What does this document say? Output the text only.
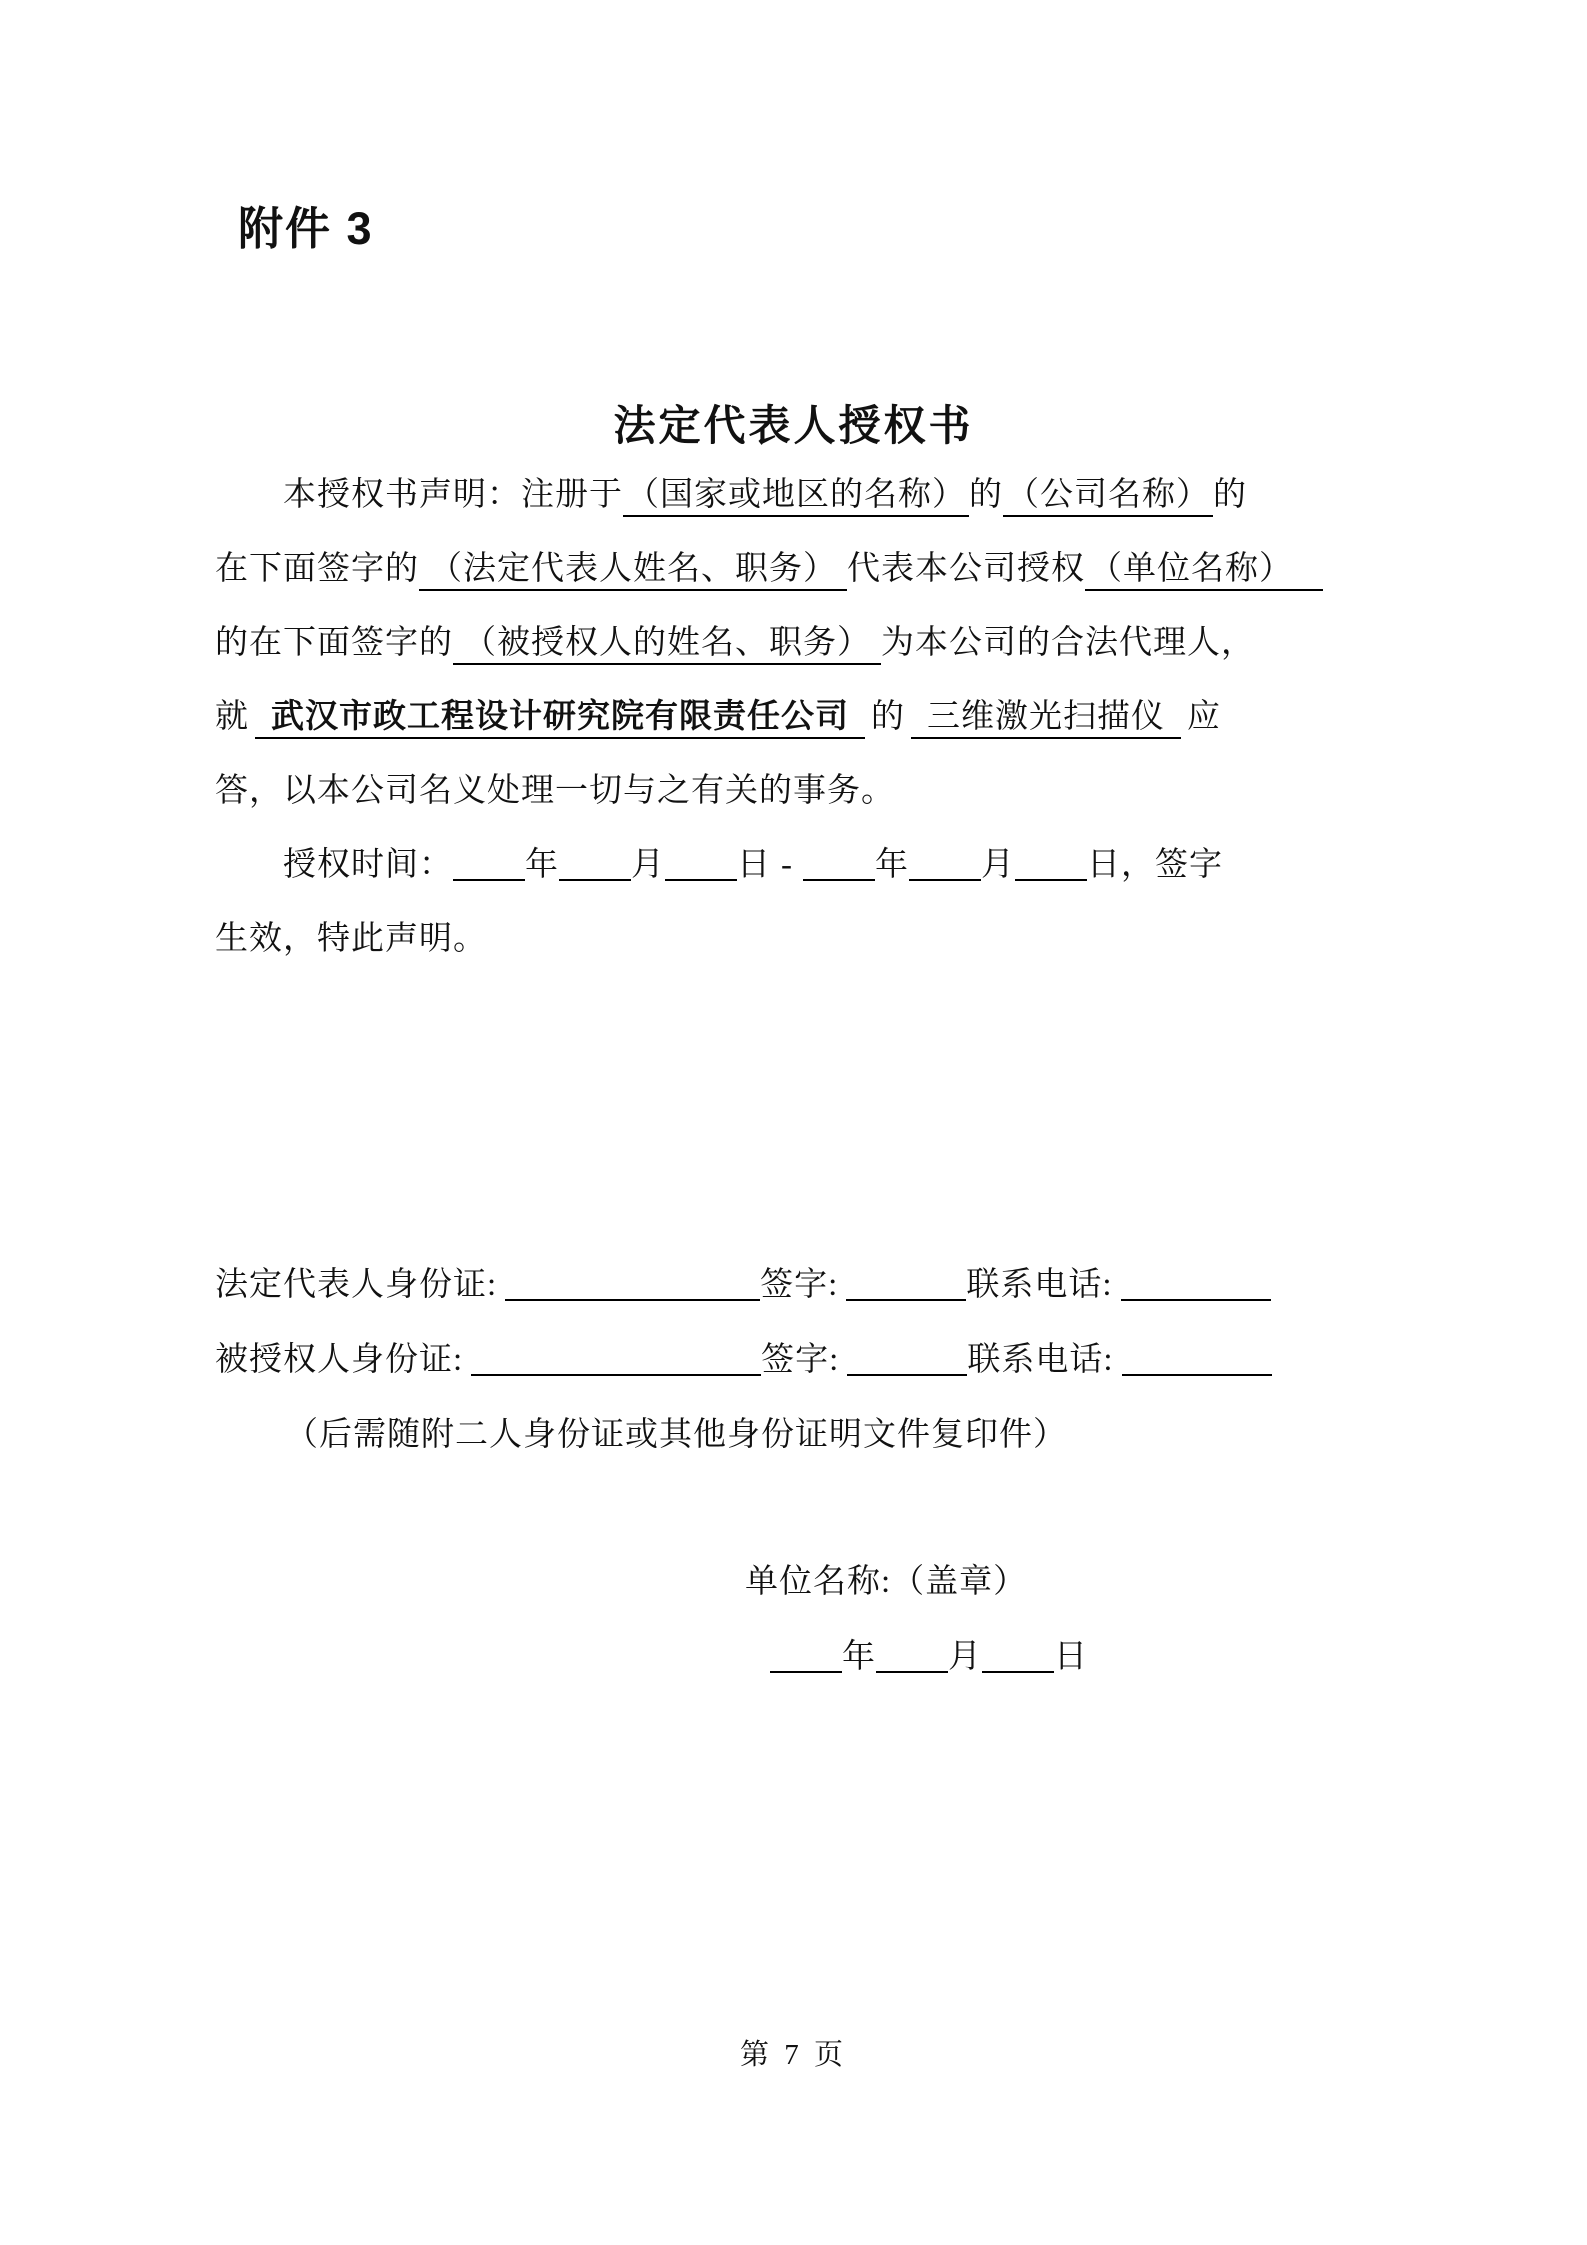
附件 3
法定代表人授权书
本授权书声明：注册于（国家或地区的名称）的（公司名称）的
在下面签字的 （法定代表人姓名、职务） 代表本公司授权 （单位名称）
的在下面签字的 （被授权人的姓名、职务） 为本公司的合法代理人，
就 武汉市政工程设计研究院有限责任公司 的 三维激光扫描仪 应
答，以本公司名义处理一切与之有关的事务。
授权时间： 年 月 日 - 年 月 日，签字
生效，特此声明。
法定代表人身份证:	签字:	联系电话:
被授权人身份证:	签字:	联系电话:
（后需随附二人身份证或其他身份证明文件复印件）
单位名称:（盖章）
年 月 日
第 7 页
